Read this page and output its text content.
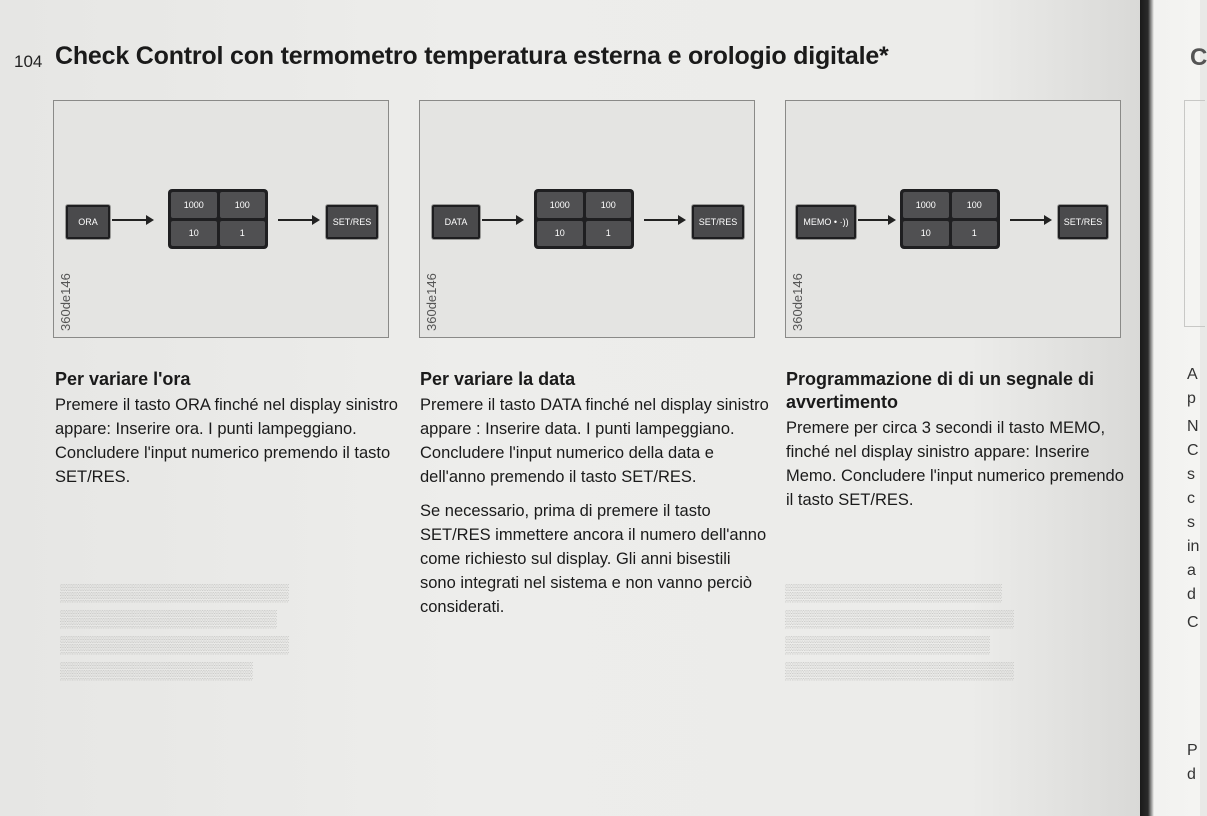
▒▒▒▒▒▒▒▒▒▒▒▒▒▒▒▒▒▒▒
▒▒▒▒▒▒▒▒▒▒▒▒▒▒▒▒▒▒
▒▒▒▒▒▒▒▒▒▒▒▒▒▒▒▒▒▒▒
▒▒▒▒▒▒▒▒▒▒▒▒▒▒▒▒
▒▒▒▒▒▒▒▒▒▒▒▒▒▒▒▒▒▒
▒▒▒▒▒▒▒▒▒▒▒▒▒▒▒▒▒▒▒
▒▒▒▒▒▒▒▒▒▒▒▒▒▒▒▒▒
▒▒▒▒▒▒▒▒▒▒▒▒▒▒▒▒▒▒▒
104 Check Control con termometro temperatura esterna e orologio digitale*
360de146
ORA
1000	100
10	1
SET/RES
360de146
DATA
1000	100
10	1
SET/RES
360de146
MEMO • ·))
1000	100
10	1
SET/RES
Per variare l'ora

Premere il tasto ORA finché nel display sinistro appare: Inserire ora. I punti lampeggiano. Concludere l'input numerico premendo il tasto SET/RES.

Per variare la data

Premere il tasto DATA finché nel display sinistro appare : Inserire data. I punti lampeggiano. Concludere l'input numerico della data e dell'anno premendo il tasto SET/RES.

Se necessario, prima di premere il tasto SET/RES immettere ancora il numero dell'anno come richiesto sul display. Gli anni bisestili sono integrati nel sistema e non vanno perciò considerati.

Programmazione di di un segnale di avvertimento

Premere per circa 3 secondi il tasto MEMO, finché nel display sinistro appare: Inserire Memo. Concludere l'input numerico premendo il tasto SET/RES.

C
A
p
N
C
s
c
s
in
a
d
C
P
d
